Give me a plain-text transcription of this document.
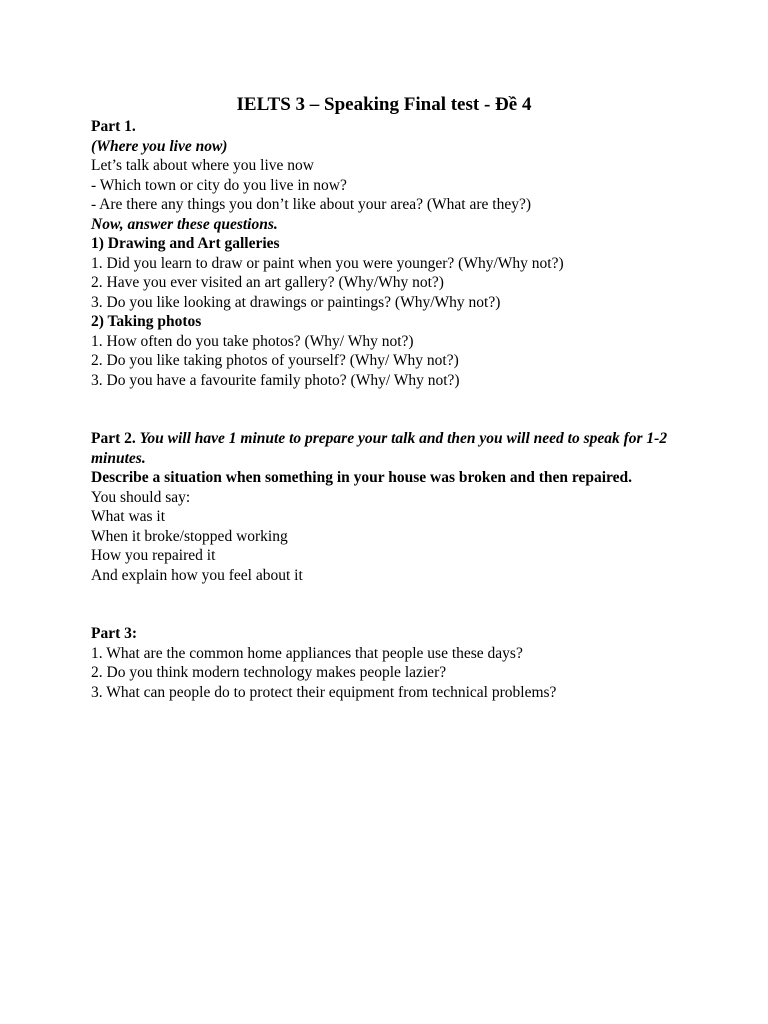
IELTS 3 – Speaking Final test - Đề 4
Part 1.
(Where you live now)
Let’s talk about where you live now
- Which town or city do you live in now?
- Are there any things you don’t like about your area? (What are they?)
Now, answer these questions.
1) Drawing and Art galleries
1. Did you learn to draw or paint when you were younger? (Why/Why not?)
2. Have you ever visited an art gallery? (Why/Why not?)
3. Do you like looking at drawings or paintings? (Why/Why not?)
2) Taking photos
1. How often do you take photos? (Why/ Why not?)
2. Do you like taking photos of yourself? (Why/ Why not?)
3. Do you have a favourite family photo? (Why/ Why not?)
Part 2. You will have 1 minute to prepare your talk and then you will need to speak for 1-2 minutes.
Describe a situation when something in your house was broken and then repaired.
You should say:
What was it
When it broke/stopped working
How you repaired it
And explain how you feel about it
Part 3:
1. What are the common home appliances that people use these days?
2. Do you think modern technology makes people lazier?
3. What can people do to protect their equipment from technical problems?
